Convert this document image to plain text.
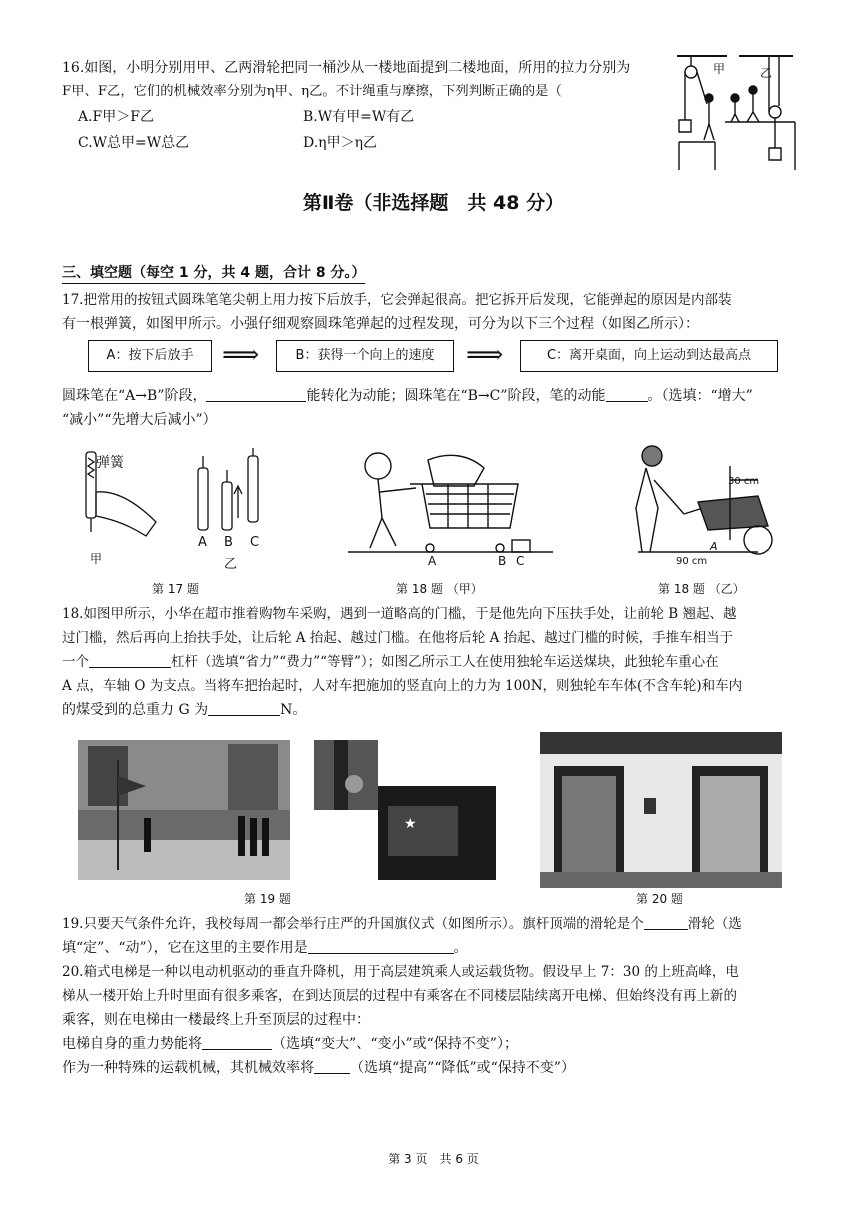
16.如图，小明分别用甲、乙两滑轮把同一桶沙从一楼地面提到二楼地面，所用的拉力分别为
F甲、F乙，它们的机械效率分别为η甲、η乙。不计绳重与摩擦，下列判断正确的是（
A.F甲＞F乙	B.W有甲=W有乙
C.W总甲=W总乙	D.η甲＞η乙
甲	乙
第Ⅱ卷（非选择题　共 48 分）
三、填空题（每空 1 分，共 4 题，合计 8 分。）
17.把常用的按钮式圆珠笔笔尖朝上用力按下后放手，它会弹起很高。把它拆开后发现，它能弹起的原因是内部装
有一根弹簧，如图甲所示。小强仔细观察圆珠笔弹起的过程发现，可分为以下三个过程（如图乙所示）：
A：按下后放手	⟹	B：获得一个向上的速度	⟹	C：离开桌面，向上运动到达最高点
圆珠笔在“A→B”阶段，	能转化为动能；圆珠笔在“B→C”阶段，笔的动能	。（选填：“增大”
“减小”“先增大后减小”）
弹簧
甲
A B C
乙	A	B C
30 cm
A
90 cm
第 17 题	第 18 题 （甲）	第 18 题 （乙）
18.如图甲所示，小华在超市推着购物车采购，遇到一道略高的门槛，于是他先向下压扶手处，让前轮 B 翘起、越
过门槛，然后再向上抬扶手处，让后轮 A 抬起、越过门槛。在他将后轮 A 抬起、越过门槛的时候，手推车相当于
一个	杠杆（选填“省力”“费力”“等臂”）；如图乙所示工人在使用独轮车运送煤块，此独轮车重心在
A 点，车轴 O 为支点。当将车把抬起时，人对车把施加的竖直向上的力为 100N，则独轮车车体(不含车轮)和车内
的煤受到的总重力 G 为	N。
★
第 19 题	第 20 题
19.只要天气条件允许，我校每周一都会举行庄严的升国旗仪式（如图所示）。旗杆顶端的滑轮是个	滑轮（选
填“定”、“动”），它在这里的主要作用是	。
20.箱式电梯是一种以电动机驱动的垂直升降机，用于高层建筑乘人或运载货物。假设早上 7：30 的上班高峰，电
梯从一楼开始上升时里面有很多乘客，在到达顶层的过程中有乘客在不同楼层陆续离开电梯、但始终没有再上新的
乘客，则在电梯由一楼最终上升至顶层的过程中：
电梯自身的重力势能将	（选填“变大”、“变小”或“保持不变”）；
作为一种特殊的运载机械，其机械效率将	（选填“提高”“降低”或“保持不变”）
第 3 页　共 6 页
